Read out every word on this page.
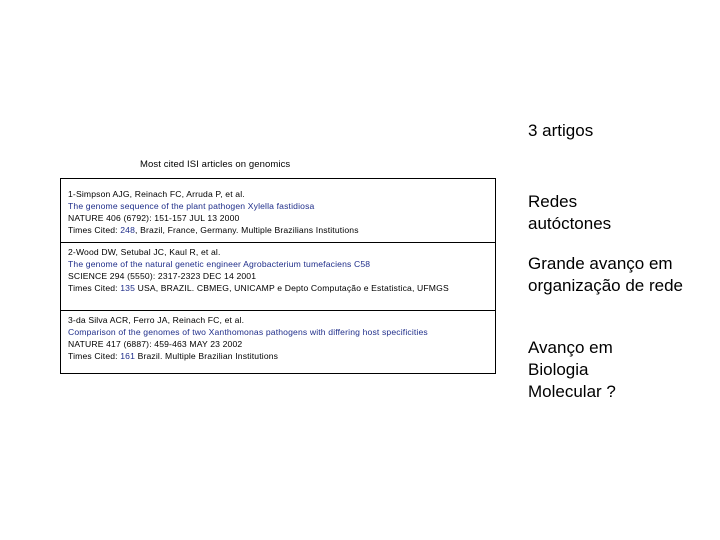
3 artigos
Most cited ISI articles on genomics
1-Simpson AJG, Reinach FC, Arruda P, et al.
The genome sequence of the plant pathogen Xylella fastidiosa
NATURE 406 (6792): 151-157 JUL 13 2000
Times Cited: 248, Brazil, France, Germany. Multiple Brazilians Institutions
2-Wood DW, Setubal JC, Kaul R, et al.
The genome of the natural genetic engineer Agrobacterium tumefaciens C58
SCIENCE 294 (5550): 2317-2323 DEC 14 2001
Times Cited: 135 USA, BRAZIL. CBMEG, UNICAMP e Depto Computação e Estatistica, UFMGS
3-da Silva ACR, Ferro JA, Reinach FC, et al.
Comparison of the genomes of two Xanthomonas pathogens with differing host specificities
NATURE 417 (6887): 459-463 MAY 23 2002
Times Cited: 161 Brazil. Multiple Brazilian Institutions
Redes autóctones
Grande avanço em organização de rede
Avanço em Biologia Molecular ?
